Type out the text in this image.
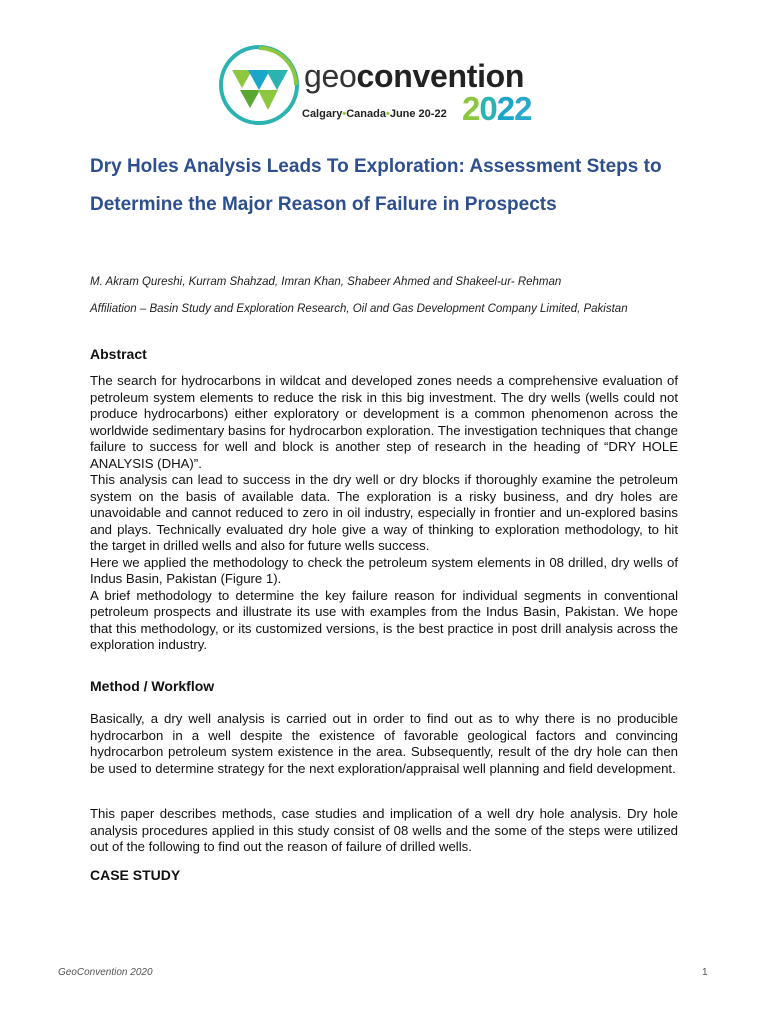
geoconvention
Calgary•Canada•June 20-22 2022
Dry Holes Analysis Leads To Exploration: Assessment Steps to Determine the Major Reason of Failure in Prospects
M. Akram Qureshi, Kurram Shahzad, Imran Khan, Shabeer Ahmed and Shakeel-ur- Rehman
Affiliation – Basin Study and Exploration Research, Oil and Gas Development Company Limited, Pakistan
Abstract

The search for hydrocarbons in wildcat and developed zones needs a comprehensive evaluation of petroleum system elements to reduce the risk in this big investment. The dry wells (wells could not produce hydrocarbons) either exploratory or development is a common phenomenon across the worldwide sedimentary basins for hydrocarbon exploration. The investigation techniques that change failure to success for well and block is another step of research in the heading of “DRY HOLE ANALYSIS (DHA)”.

This analysis can lead to success in the dry well or dry blocks if thoroughly examine the petroleum system on the basis of available data. The exploration is a risky business, and dry holes are unavoidable and cannot reduced to zero in oil industry, especially in frontier and un-explored basins and plays. Technically evaluated dry hole give a way of thinking to exploration methodology, to hit the target in drilled wells and also for future wells success.

Here we applied the methodology to check the petroleum system elements in 08 drilled, dry wells of Indus Basin, Pakistan (Figure 1).

A brief methodology to determine the key failure reason for individual segments in conventional petroleum prospects and illustrate its use with examples from the Indus Basin, Pakistan. We hope that this methodology, or its customized versions, is the best practice in post drill analysis across the exploration industry.

Method / Workflow
Basically, a dry well analysis is carried out in order to find out as to why there is no producible hydrocarbon in a well despite the existence of favorable geological factors and convincing hydrocarbon petroleum system existence in the area. Subsequently, result of the dry hole can then be used to determine strategy for the next exploration/appraisal well planning and field development.
This paper describes methods, case studies and implication of a well dry hole analysis. Dry hole analysis procedures applied in this study consist of 08 wells and the some of the steps were utilized out of the following to find out the reason of failure of drilled wells.
CASE STUDY
GeoConvention 2020	1
